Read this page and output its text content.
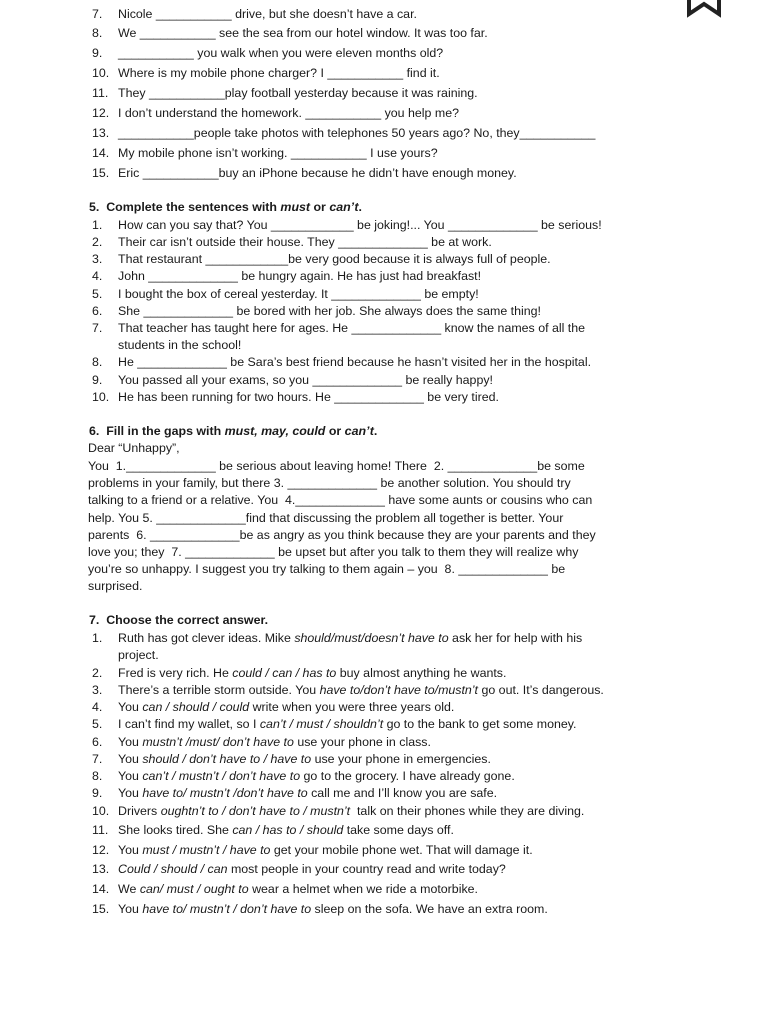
7. Nicole ___________ drive, but she doesn’t have a car.
8. We ___________ see the sea from our hotel window. It was too far.
9. ___________ you walk when you were eleven months old?
10. Where is my mobile phone charger? I ___________ find it.
11. They ___________play football yesterday because it was raining.
12. I don’t understand the homework. ___________ you help me?
13. ___________people take photos with telephones 50 years ago? No, they___________
14. My mobile phone isn’t working. ___________ I use yours?
15. Eric ___________buy an iPhone because he didn’t have enough money.
5.  Complete the sentences with must or can’t.
1. How can you say that? You ____________ be joking!... You _____________ be serious!
2. Their car isn’t outside their house. They _____________ be at work.
3. That restaurant ____________be very good because it is always full of people.
4. John _____________ be hungry again. He has just had breakfast!
5. I bought the box of cereal yesterday. It _____________ be empty!
6. She _____________ be bored with her job. She always does the same thing!
7. That teacher has taught here for ages. He _____________ know the names of all the
students in the school!
8. He _____________ be Sara’s best friend because he hasn’t visited her in the hospital.
9. You passed all your exams, so you _____________ be really happy!
10. He has been running for two hours. He _____________ be very tired.
6.  Fill in the gaps with must, may, could or can’t.
Dear “Unhappy”,
You  1._____________ be serious about leaving home! There  2. _____________be some
problems in your family, but there 3. _____________ be another solution. You should try
talking to a friend or a relative. You  4._____________ have some aunts or cousins who can
help. You 5. _____________find that discussing the problem all together is better. Your
parents  6. _____________be as angry as you think because they are your parents and they
love you; they  7. _____________ be upset but after you talk to them they will realize why
you’re so unhappy. I suggest you try talking to them again – you  8. _____________ be
surprised.
7.  Choose the correct answer.
1. Ruth has got clever ideas. Mike should/must/doesn’t have to ask her for help with his
project.
2. Fred is very rich. He could / can / has to buy almost anything he wants.
3. There’s a terrible storm outside. You have to/don’t have to/mustn’t go out. It’s dangerous.
4. You can / should / could write when you were three years old.
5. I can’t find my wallet, so I can’t / must / shouldn’t go to the bank to get some money.
6. You mustn’t /must/ don’t have to use your phone in class.
7. You should / don’t have to / have to use your phone in emergencies.
8. You can’t / mustn’t / don’t have to go to the grocery. I have already gone.
9. You have to/ mustn’t /don’t have to call me and I’ll know you are safe.
10. Drivers oughtn’t to / don’t have to / mustn’t  talk on their phones while they are diving.
11. She looks tired. She can / has to / should take some days off.
12. You must / mustn’t / have to get your mobile phone wet. That will damage it.
13. Could / should / can most people in your country read and write today?
14. We can/ must / ought to wear a helmet when we ride a motorbike.
15. You have to/ mustn’t / don’t have to sleep on the sofa. We have an extra room.
